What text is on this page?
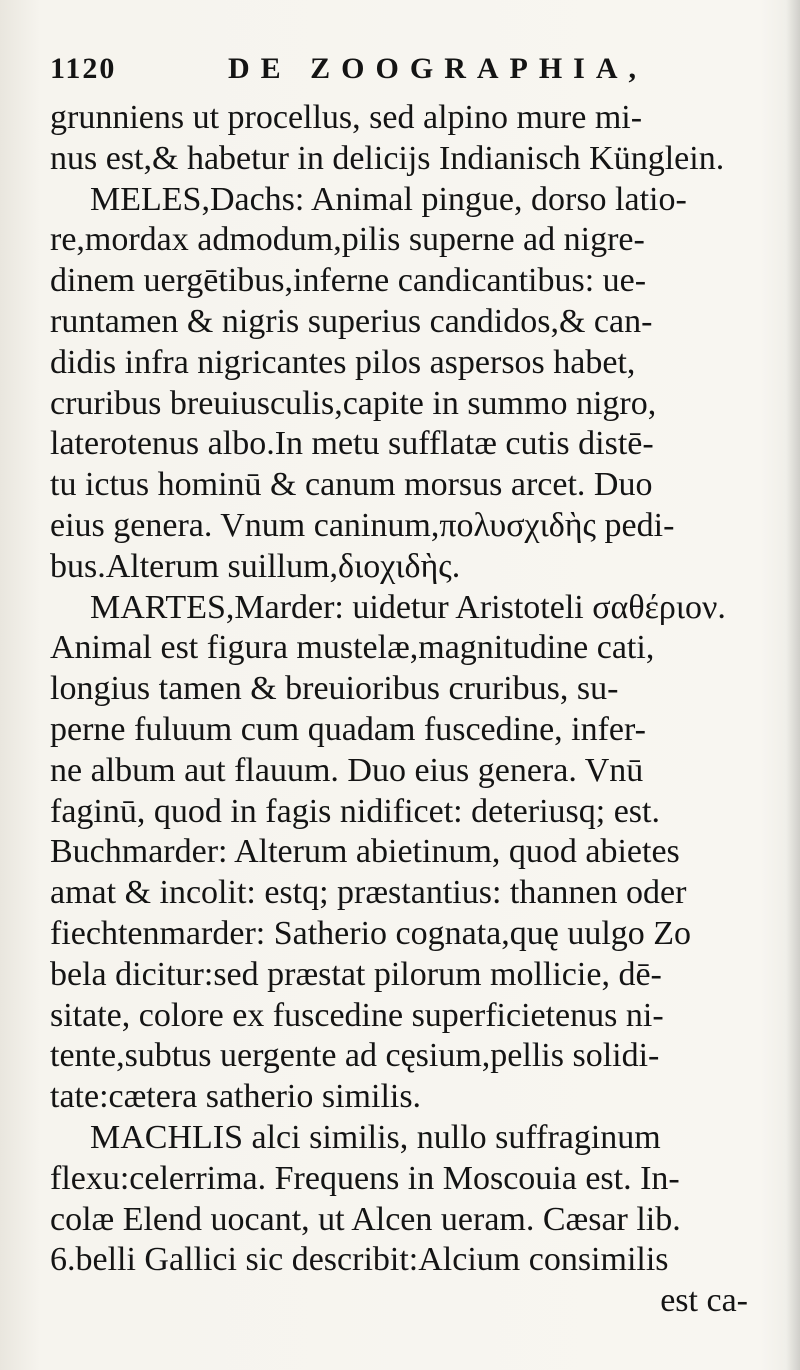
1120	DE ZOOGRAPHIA,
grunniens ut procellus, sed alpino mure mi-
nus est,& habetur in delicijs Indianisch Künglein.
MELES,Dachs: Animal pingue, dorso latio-
re,mordax admodum,pilis superne ad nigre-
dinem uergētibus,inferne candicantibus: ue-
runtamen & nigris superius candidos,& can-
didis infra nigricantes pilos aspersos habet,
cruribus breuiusculis,capite in summo nigro,
laterotenus albo.In metu sufflatæ cutis distē-
tu ictus hominū & canum morsus arcet. Duo
eius genera. Vnum caninum,πολυσχιδὴς pedi-
bus.Alterum suillum,διοχιδὴς.
MARTES,Marder: uidetur Aristoteli σαθέριον.
Animal est figura mustelæ,magnitudine cati,
longius tamen & breuioribus cruribus, su-
perne fuluum cum quadam fuscedine, infer-
ne album aut flauum. Duo eius genera. Vnū
faginū, quod in fagis nidificet: deteriusq; est.
Buchmarder: Alterum abietinum, quod abietes
amat & incolit: estq; præstantius: thannen oder
fiechtenmarder: Satherio cognata,quę uulgo Zo
bela dicitur:sed præstat pilorum mollicie, dē-
sitate, colore ex fuscedine superficietenus ni-
tente,subtus uergente ad cęsium,pellis solidi-
tate:cætera satherio similis.
MACHLIS alci similis, nullo suffraginum
flexu:celerrima. Frequens in Moscouia est. In-
colæ Elend uocant, ut Alcen ueram. Cæsar lib.
6.belli Gallici sic describit:Alcium consimilis
est ca-
